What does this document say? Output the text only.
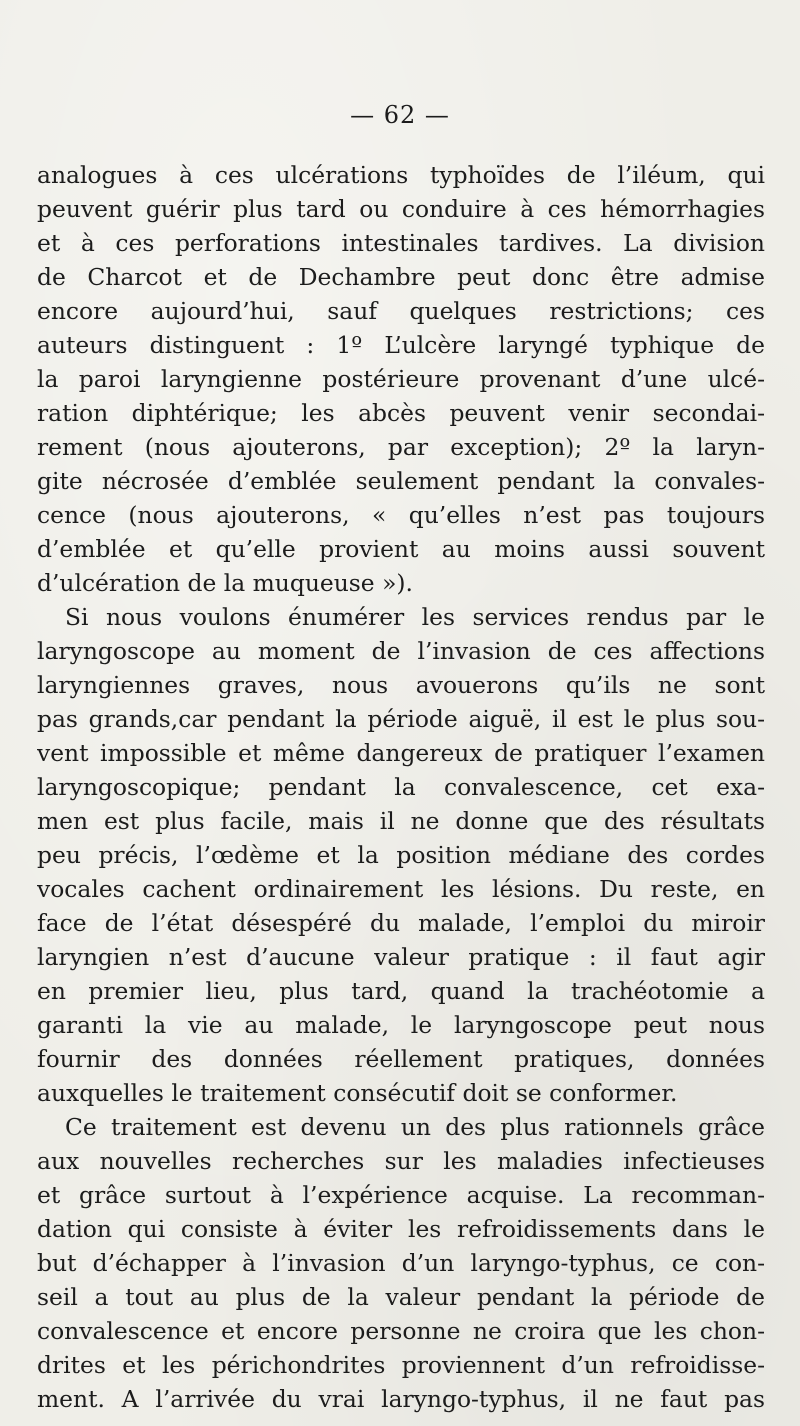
— 62 —
analogues à ces ulcérations typhoïdes de l’iléum, qui
peuvent guérir plus tard ou conduire à ces hémorrhagies
et à ces perforations intestinales tardives. La division
de Charcot et de Dechambre peut donc être admise
encore aujourd’hui, sauf quelques restrictions; ces
auteurs distinguent : 1º L’ulcère laryngé typhique de
la paroi laryngienne postérieure provenant d’une ulcé-
ration diphtérique; les abcès peuvent venir secondai-
rement (nous ajouterons, par exception); 2º la laryn-
gite nécrosée d’emblée seulement pendant la convales-
cence (nous ajouterons, « qu’elles n’est pas toujours
d’emblée et qu’elle provient au moins aussi souvent
d’ulcération de la muqueuse »).
Si nous voulons énumérer les services rendus par le
laryngoscope au moment de l’invasion de ces affections
laryngiennes graves, nous avouerons qu’ils ne sont
pas grands,car pendant la période aiguë, il est le plus sou-
vent impossible et même dangereux de pratiquer l’examen
laryngoscopique; pendant la convalescence, cet exa-
men est plus facile, mais il ne donne que des résultats
peu précis, l’œdème et la position médiane des cordes
vocales cachent ordinairement les lésions. Du reste, en
face de l’état désespéré du malade, l’emploi du miroir
laryngien n’est d’aucune valeur pratique : il faut agir
en premier lieu, plus tard, quand la trachéotomie a
garanti la vie au malade, le laryngoscope peut nous
fournir des données réellement pratiques, données
auxquelles le traitement consécutif doit se conformer.
Ce traitement est devenu un des plus rationnels grâce
aux nouvelles recherches sur les maladies infectieuses
et grâce surtout à l’expérience acquise. La recomman-
dation qui consiste à éviter les refroidissements dans le
but d’échapper à l’invasion d’un laryngo-typhus, ce con-
seil a tout au plus de la valeur pendant la période de
convalescence et encore personne ne croira que les chon-
drites et les périchondrites proviennent d’un refroidisse-
ment. A l’arrivée du vrai laryngo-typhus, il ne faut pas
